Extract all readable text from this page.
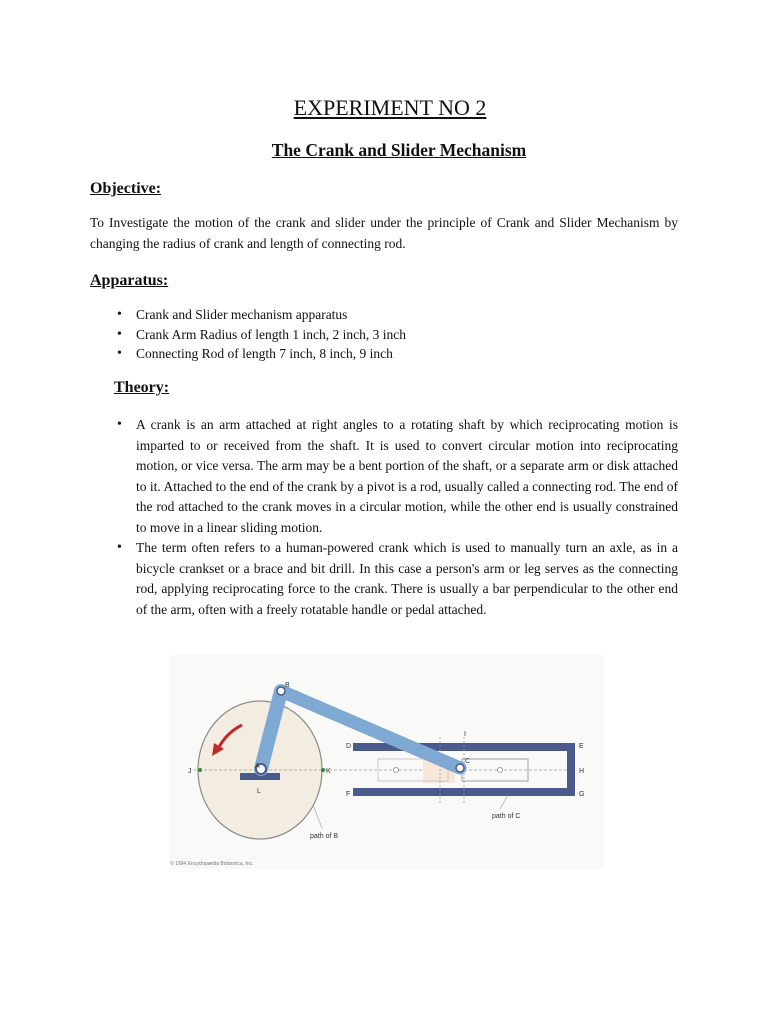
EXPERIMENT NO 2
The Crank and Slider Mechanism
Objective:
To Investigate the motion of the crank and slider under the principle of Crank and Slider Mechanism by changing the radius of crank and length of connecting rod.
Apparatus:
• Crank and Slider mechanism apparatus
• Crank Arm Radius of length 1 inch, 2 inch, 3 inch
• Connecting Rod of length 7 inch, 8 inch, 9 inch
Theory:
• A crank is an arm attached at right angles to a rotating shaft by which reciprocating motion is imparted to or received from the shaft. It is used to convert circular motion into reciprocating motion, or vice versa. The arm may be a bent portion of the shaft, or a separate arm or disk attached to it. Attached to the end of the crank by a pivot is a rod, usually called a connecting rod. The end of the rod attached to the crank moves in a circular motion, while the other end is usually constrained to move in a linear sliding motion.
• The term often refers to a human-powered crank which is used to manually turn an axle, as in a bicycle crankset or a brace and bit drill. In this case a person's arm or leg serves as the connecting rod, applying reciprocating force to the crank. There is usually a bar perpendicular to the other end of the arm, often with a freely rotatable handle or pedal attached.
B
A
C
D	E
F	G
H
I
J	K
L
path of B
path of C
© 1994 Encyclopædia Britannica, Inc.
